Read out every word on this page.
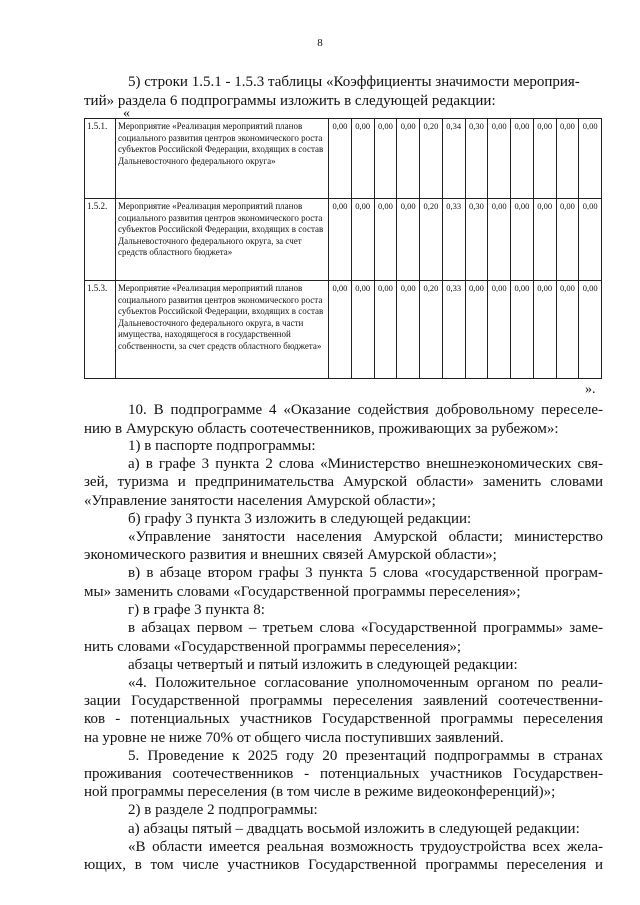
8
5) строки 1.5.1 - 1.5.3 таблицы «Коэффициенты значимости мероприя-
тий» раздела 6 подпрограммы изложить в следующей редакции:
«
1.5.1.	Мероприятие «Реализация мероприятий планов социального развития центров экономического роста субъектов Российской Федерации, входящих в состав Дальневосточного федерального округа»	0,00	0,00	0,00	0,00	0,20	0,34	0,30	0,00	0,00	0,00	0,00	0,00
1.5.2.	Мероприятие «Реализация мероприятий планов социального развития центров экономического роста субъектов Российской Федерации, входящих в состав Дальневосточного федерального округа, за счет средств областного бюджета»	0,00	0,00	0,00	0,00	0,20	0,33	0,30	0,00	0,00	0,00	0,00	0,00
1.5.3.	Мероприятие «Реализация мероприятий планов социального развития центров экономического роста субъектов Российской Федерации, входящих в состав Дальневосточного федерального округа, в части имущества, находящегося в государственной собственности, за счет средств областного бюджета»	0,00	0,00	0,00	0,00	0,20	0,33	0,00	0,00	0,00	0,00	0,00	0,00
».
10. В подпрограмме 4 «Оказание содействия добровольному переселе-
нию в Амурскую область соотечественников, проживающих за рубежом»:
1) в паспорте подпрограммы:
а) в графе 3 пункта 2 слова «Министерство внешнеэкономических свя-
зей, туризма и предпринимательства Амурской области» заменить словами
«Управление занятости населения Амурской области»;
б) графу 3 пункта 3 изложить в следующей редакции:
«Управление занятости населения Амурской области; министерство
экономического развития и внешних связей Амурской области»;
в) в абзаце втором графы 3 пункта 5 слова «государственной програм-
мы» заменить словами «Государственной программы переселения»;
г) в графе 3 пункта 8:
в абзацах первом – третьем слова «Государственной программы» заме-
нить словами «Государственной программы переселения»;
абзацы четвертый и пятый изложить в следующей редакции:
«4. Положительное согласование уполномоченным органом по реали-
зации Государственной программы переселения заявлений соотечественни-
ков - потенциальных участников Государственной программы переселения
на уровне не ниже 70% от общего числа поступивших заявлений.
5. Проведение к 2025 году 20 презентаций подпрограммы в странах
проживания соотечественников - потенциальных участников Государствен-
ной программы переселения (в том числе в режиме видеоконференций)»;
2) в разделе 2 подпрограммы:
а) абзацы пятый – двадцать восьмой изложить в следующей редакции:
«В области имеется реальная возможность трудоустройства всех жела-
ющих, в том числе участников Государственной программы переселения и
